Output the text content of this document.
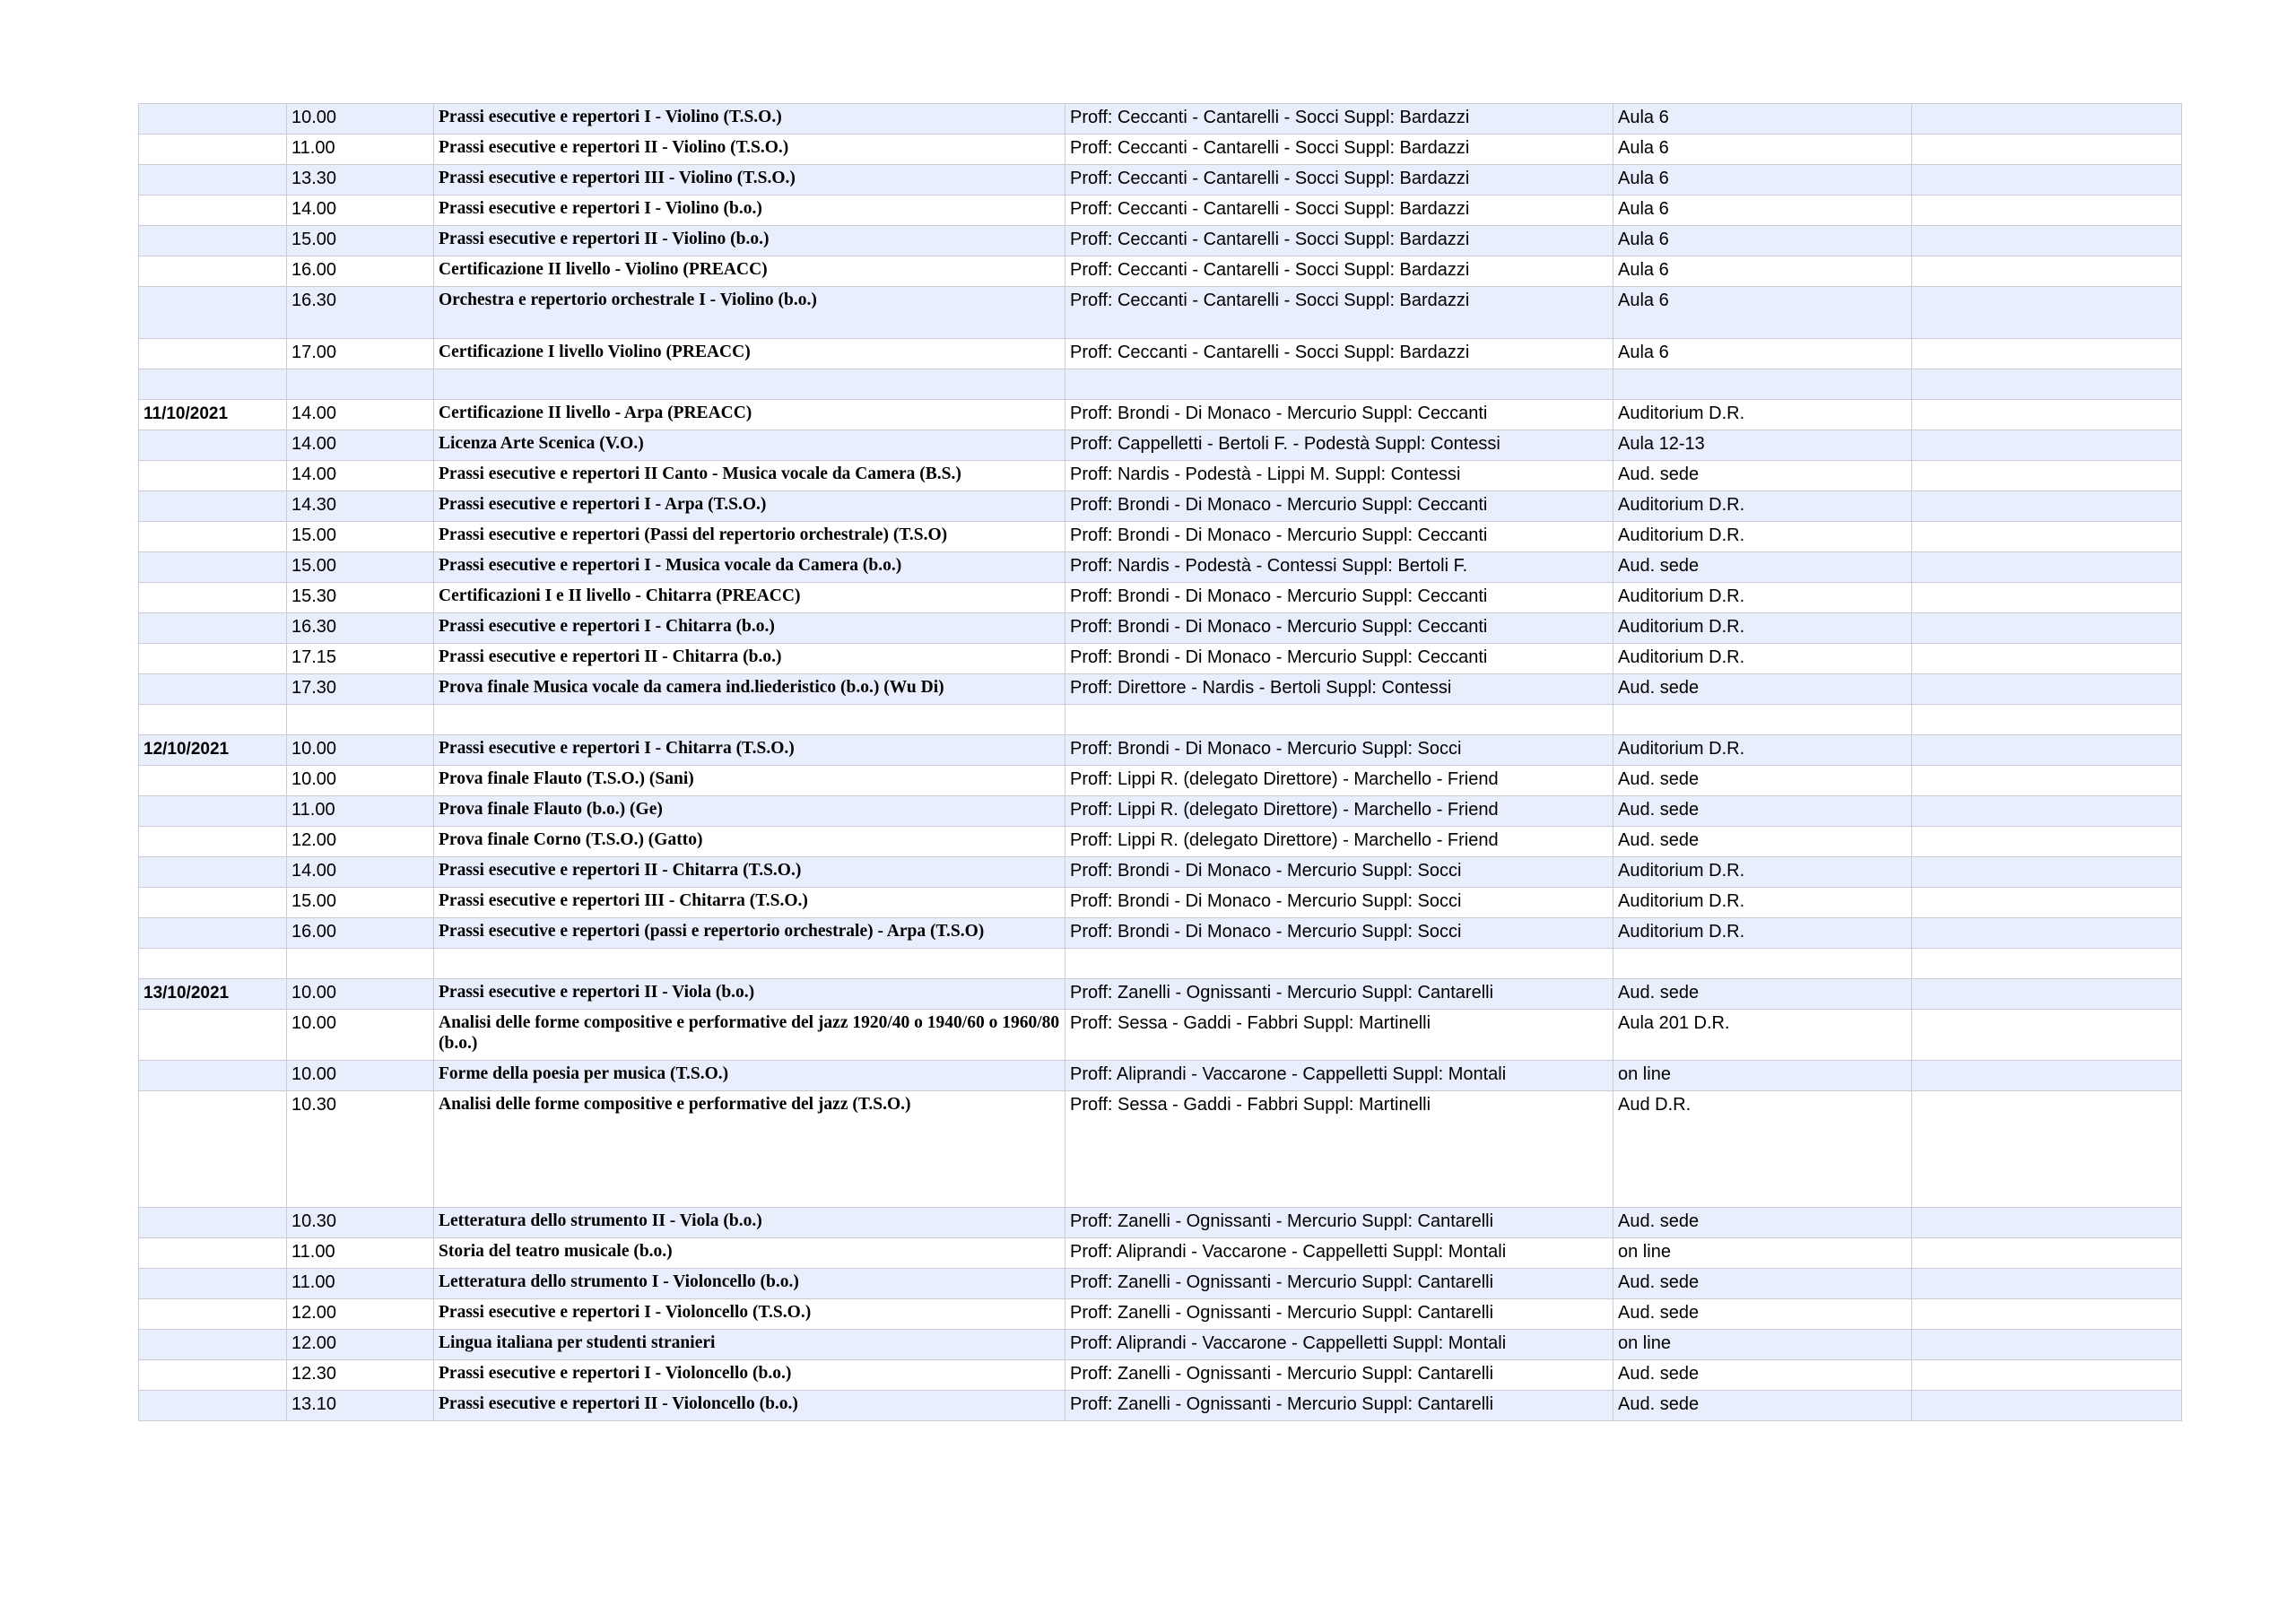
	10.00	Prassi esecutive e repertori I - Violino (T.S.O.)	Proff: Ceccanti - Cantarelli - Socci Suppl: Bardazzi	Aula 6	
	11.00	Prassi esecutive e repertori II - Violino (T.S.O.)	Proff: Ceccanti - Cantarelli - Socci Suppl: Bardazzi	Aula 6	
	13.30	Prassi esecutive e repertori III - Violino (T.S.O.)	Proff: Ceccanti - Cantarelli - Socci Suppl: Bardazzi	Aula 6	
	14.00	Prassi esecutive e repertori I - Violino (b.o.)	Proff: Ceccanti - Cantarelli - Socci Suppl: Bardazzi	Aula 6	
	15.00	Prassi esecutive e repertori II - Violino (b.o.)	Proff: Ceccanti - Cantarelli - Socci Suppl: Bardazzi	Aula 6	
	16.00	Certificazione II livello - Violino (PREACC)	Proff: Ceccanti - Cantarelli - Socci Suppl: Bardazzi	Aula 6	
	16.30	Orchestra e repertorio orchestrale I - Violino (b.o.)	Proff: Ceccanti - Cantarelli - Socci Suppl: Bardazzi	Aula 6	
	17.00	Certificazione I livello Violino (PREACC)	Proff: Ceccanti - Cantarelli - Socci Suppl: Bardazzi	Aula 6	

11/10/2021	14.00	Certificazione II livello - Arpa (PREACC)	Proff: Brondi - Di Monaco - Mercurio Suppl: Ceccanti	Auditorium D.R.	
	14.00	Licenza Arte Scenica (V.O.)	Proff: Cappelletti - Bertoli F. - Podestà Suppl: Contessi	Aula 12-13	
	14.00	Prassi esecutive e repertori II Canto - Musica vocale da Camera (B.S.)	Proff: Nardis - Podestà - Lippi M. Suppl: Contessi	Aud. sede	
	14.30	Prassi esecutive e repertori I - Arpa (T.S.O.)	Proff: Brondi - Di Monaco - Mercurio Suppl: Ceccanti	Auditorium D.R.	
	15.00	Prassi esecutive e repertori (Passi del repertorio orchestrale) (T.S.O)	Proff: Brondi - Di Monaco - Mercurio Suppl: Ceccanti	Auditorium D.R.	
	15.00	Prassi esecutive e repertori I - Musica vocale da Camera (b.o.)	Proff: Nardis - Podestà - Contessi Suppl: Bertoli F.	Aud. sede	
	15.30	Certificazioni I e II livello - Chitarra (PREACC)	Proff: Brondi - Di Monaco - Mercurio Suppl: Ceccanti	Auditorium D.R.	
	16.30	Prassi esecutive e repertori I - Chitarra (b.o.)	Proff: Brondi - Di Monaco - Mercurio Suppl: Ceccanti	Auditorium D.R.	
	17.15	Prassi esecutive e repertori II - Chitarra (b.o.)	Proff: Brondi - Di Monaco - Mercurio Suppl: Ceccanti	Auditorium D.R.	
	17.30	Prova finale Musica vocale da camera ind.liederistico (b.o.) (Wu Di)	Proff: Direttore - Nardis - Bertoli Suppl: Contessi	Aud. sede	

12/10/2021	10.00	Prassi esecutive e repertori I - Chitarra (T.S.O.)	Proff: Brondi - Di Monaco - Mercurio Suppl: Socci	Auditorium D.R.	
	10.00	Prova finale Flauto (T.S.O.) (Sani)	Proff: Lippi R. (delegato Direttore) - Marchello - Friend	Aud. sede	
	11.00	Prova finale Flauto (b.o.) (Ge)	Proff: Lippi R. (delegato Direttore) - Marchello - Friend	Aud. sede	
	12.00	Prova finale Corno (T.S.O.) (Gatto)	Proff: Lippi R. (delegato Direttore) - Marchello - Friend	Aud. sede	
	14.00	Prassi esecutive e repertori II - Chitarra (T.S.O.)	Proff: Brondi - Di Monaco - Mercurio Suppl: Socci	Auditorium D.R.	
	15.00	Prassi esecutive e repertori III - Chitarra (T.S.O.)	Proff: Brondi - Di Monaco - Mercurio Suppl: Socci	Auditorium D.R.	
	16.00	Prassi esecutive e repertori (passi e repertorio orchestrale) - Arpa (T.S.O)	Proff: Brondi - Di Monaco - Mercurio Suppl: Socci	Auditorium D.R.	

13/10/2021	10.00	Prassi esecutive e repertori II - Viola (b.o.)	Proff: Zanelli - Ognissanti - Mercurio Suppl: Cantarelli	Aud. sede	
	10.00	Analisi delle forme compositive e performative del jazz 1920/40 o 1940/60 o 1960/80 (b.o.)	Proff: Sessa - Gaddi - Fabbri Suppl: Martinelli	Aula 201 D.R.	
	10.00	Forme della poesia per musica (T.S.O.)	Proff: Aliprandi - Vaccarone - Cappelletti Suppl: Montali	on line	
	10.30	Analisi delle forme compositive e performative del jazz (T.S.O.)	Proff: Sessa - Gaddi - Fabbri Suppl: Martinelli	Aud D.R.	
	10.30	Letteratura dello strumento II - Viola (b.o.)	Proff: Zanelli - Ognissanti - Mercurio Suppl: Cantarelli	Aud. sede	
	11.00	Storia del teatro musicale (b.o.)	Proff: Aliprandi - Vaccarone - Cappelletti Suppl: Montali	on line	
	11.00	Letteratura dello strumento I - Violoncello (b.o.)	Proff: Zanelli - Ognissanti - Mercurio Suppl: Cantarelli	Aud. sede	
	12.00	Prassi esecutive e repertori I - Violoncello (T.S.O.)	Proff: Zanelli - Ognissanti - Mercurio Suppl: Cantarelli	Aud. sede	
	12.00	Lingua italiana per studenti stranieri	Proff: Aliprandi - Vaccarone - Cappelletti Suppl: Montali	on line	
	12.30	Prassi esecutive e repertori I - Violoncello (b.o.)	Proff: Zanelli - Ognissanti - Mercurio Suppl: Cantarelli	Aud. sede	
	13.10	Prassi esecutive e repertori II - Violoncello (b.o.)	Proff: Zanelli - Ognissanti - Mercurio Suppl: Cantarelli	Aud. sede	
